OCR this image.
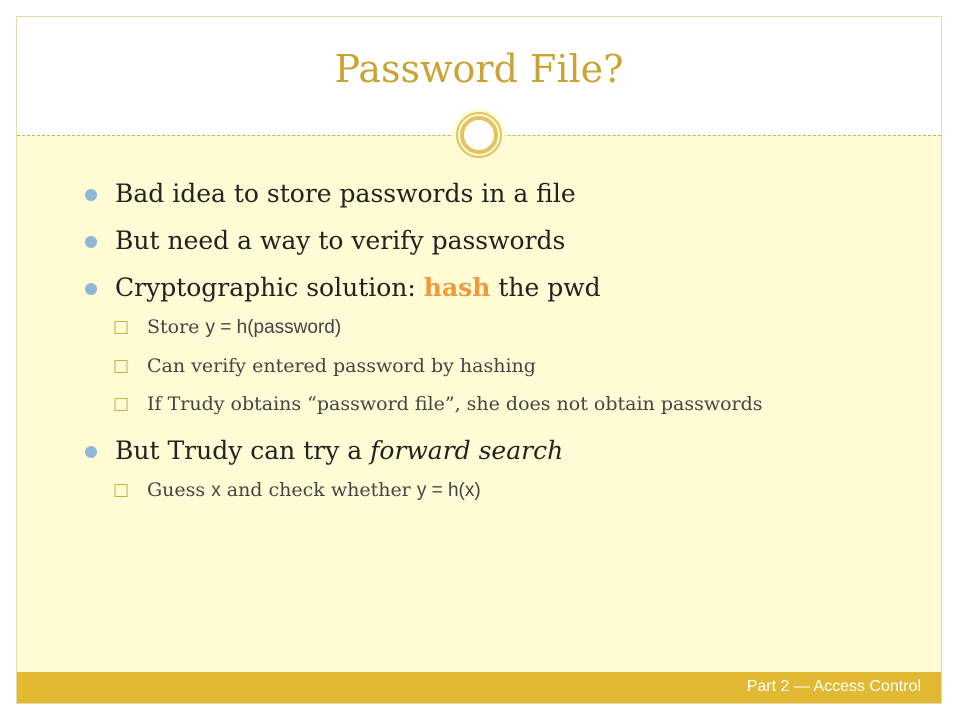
Password File?
Bad idea to store passwords in a file
But need a way to verify passwords
Cryptographic solution: hash the pwd
□ Store y = h(password)
□ Can verify entered password by hashing
□ If Trudy obtains “password file”, she does not obtain passwords
But Trudy can try a forward search
□ Guess x and check whether y = h(x)
Part 2 — Access Control
